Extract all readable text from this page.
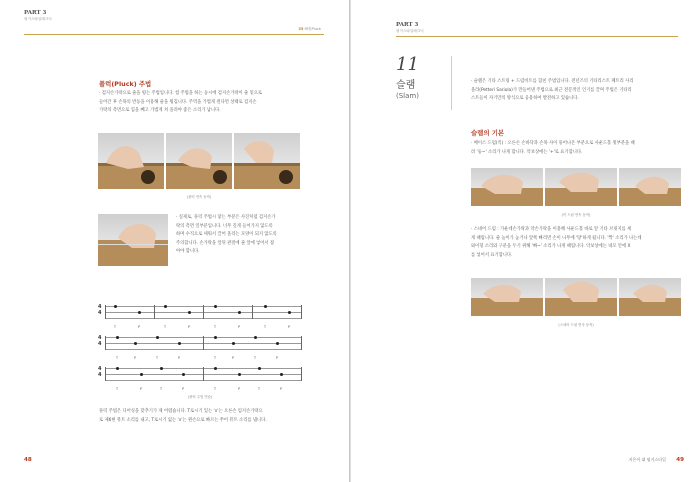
PART 3
핑거스타일테크닉
35 빠킹Pluck
플럭(Pluck) 주법
· 검지손가락으로 줄을 튕는 주법입니다. 썸 주법을 하는 동시에 검지손가락이 줄 밑으로
들어간 후 손목의 반동을 이용해 줄을 튕깁니다. 주먹을 가볍게 쥔다면 상태로 검지손
가락의 측면으로 힘을 빼고 가볍게 쳐 올려야 좋은 소리가 납니다.
(플럭 연속 동작)
· 실제로, 플럭 주법시 닿는 부분은 사진처럼 검지손가
락의 측면 일부분입니다. 너무 깊게 들어가지 않도록
하며 수직으로 세워서 끌어 올리는 모양이 되지 않도록
주의합니다. 손가락을 앞뒤 관절에 줄 앞에 넣어서 잡
아야 합니다.
4
4
T	P	T	P	T	P	T	P
4
4
T	P	T	P	T	P	T	P
4
4
T	P	T	P	T	P	T	P
(플럭 주법 연습)
플럭 주법은 디어싱을 맞추기가 제 어렵습니다. T로시기 있는 'x'는 오른손 엄지손가락으
로 제6현 뮤트 소리를 내고, T로시기 없는 'x'는 왼손으로 빠르는 쭈어 뮤트 소리를 냅니다.
48
PART 3
핑거스타일테크닉
11
슬램
(Slam)
· 슬램은 기타 스트링 + 드럼비트를 함친 주법입니다. 전년즈의 기타리스트 페트리 사리
올라(Petteri Sariola)가 만들어낸 주법으로 최근 전문적인 인기를 끌며 주법은 기타리
스트들이 자기만의 방식으로 응용하여 발전하고 있습니다.
슬램의 기본
· 베이스 드럼(킥) : 오른손 손바닥과 손목 사이 뭉어나온 부분으로 사운드홀 윗부분을 때
려 '둥~' 소리가 나게 합니다. 악보상에는 '+'로 표기합니다.
(킥 드럼 연속 동작)
· 스네어 드럼 : 가운데손가락과 약손가락을 이용해 사운드홀 바로 앞 기타 브릿지를 세
게 때립니다. 줄 높이가 높거나 앞쪽 빠리면 손이 나무에 '탕'하게 됩니다. '짝' 소리가 나는데
와이형 소리와 구분을 두기 위해 '빠~' 소리가 나게 때립니다. 악보상에는 네모 안에 X
를 넣어서 표기합니다.
(스네어 드럼 연속 동작)
지은이 대 핑거스타일 49
